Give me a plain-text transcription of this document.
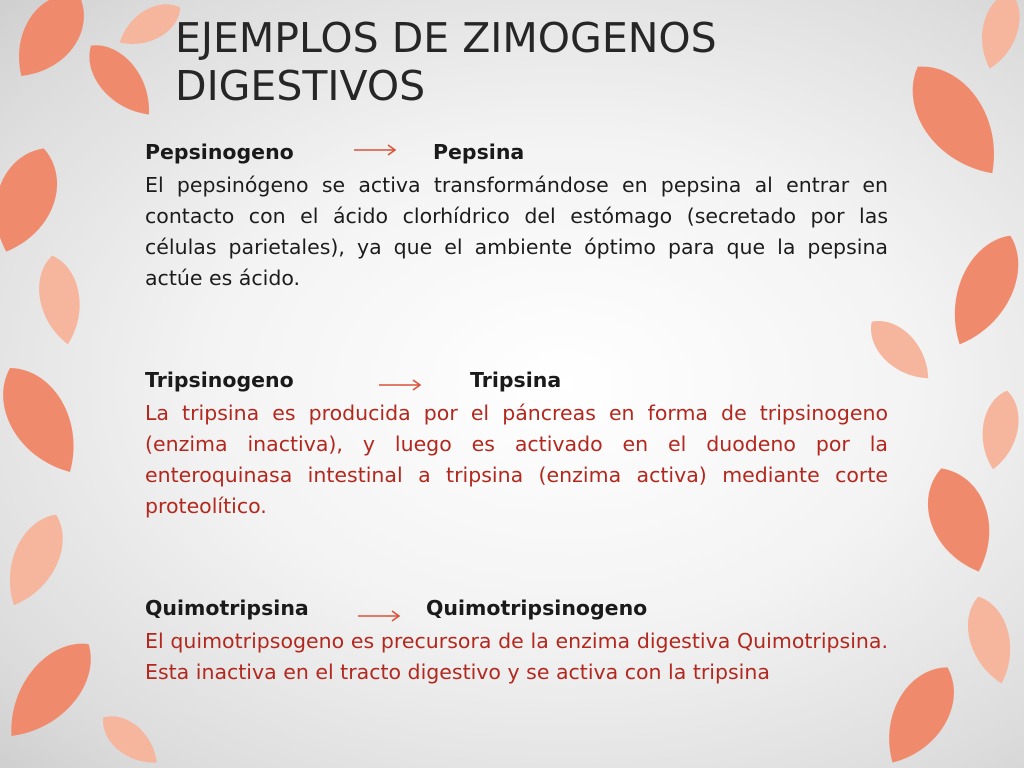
EJEMPLOS DE ZIMOGENOS DIGESTIVOS
Pepsinogeno	Pepsina

El pepsinógeno se activa transformándose en pepsina al entrar en contacto con el ácido clorhídrico del estómago (secretado por las células parietales), ya que el ambiente óptimo para que la pepsina actúe es ácido.

Tripsinogeno	Tripsina

La tripsina es producida por el páncreas en forma de tripsinogeno (enzima inactiva), y luego es activado en el duodeno por la enteroquinasa intestinal a tripsina (enzima activa) mediante corte proteolítico.

Quimotripsina	Quimotripsinogeno

El quimotripsogeno es precursora de la enzima digestiva Quimotripsina. Esta inactiva en el tracto digestivo y se activa con la tripsina
